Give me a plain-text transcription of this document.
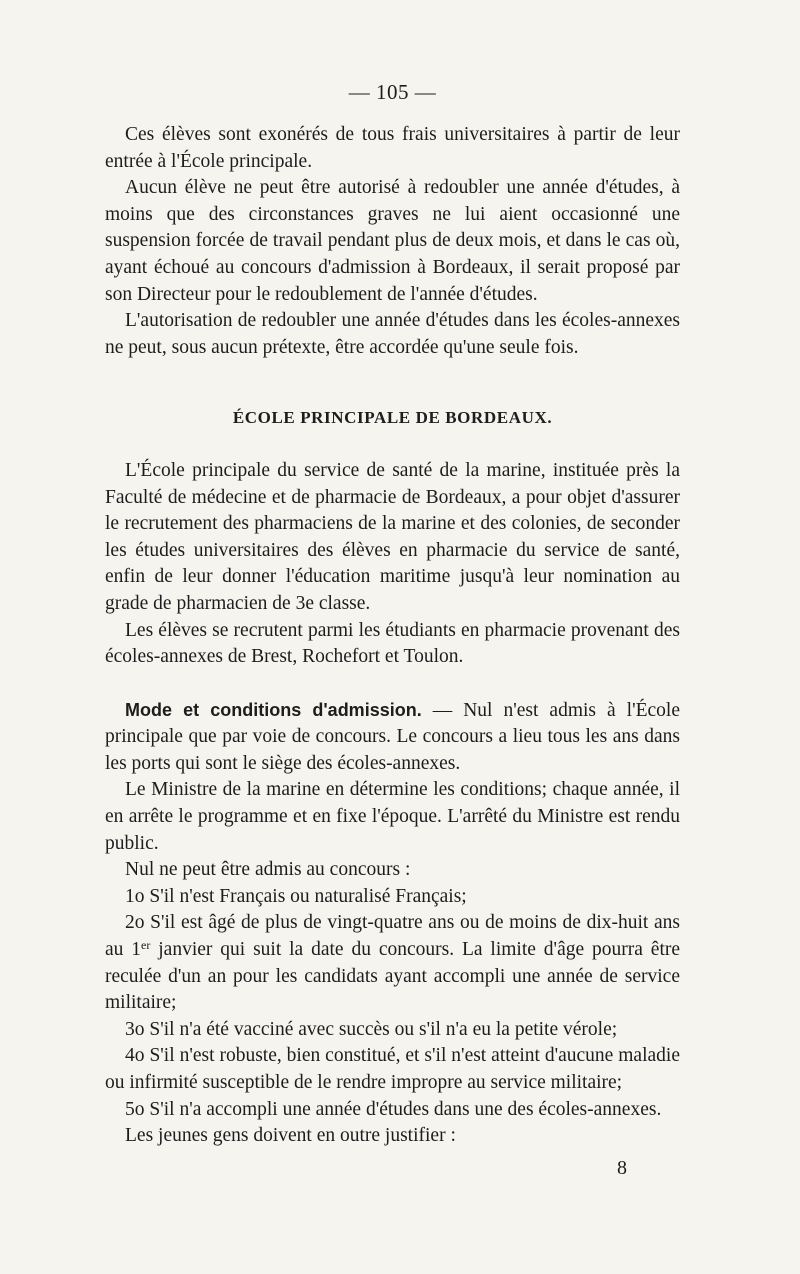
— 105 —

Ces élèves sont exonérés de tous frais universitaires à partir de leur entrée à l'École principale.

Aucun élève ne peut être autorisé à redoubler une année d'études, à moins que des circonstances graves ne lui aient occasionné une suspension forcée de travail pendant plus de deux mois, et dans le cas où, ayant échoué au concours d'admission à Bordeaux, il serait proposé par son Directeur pour le redoublement de l'année d'études.

L'autorisation de redoubler une année d'études dans les écoles-annexes ne peut, sous aucun prétexte, être accordée qu'une seule fois.

ÉCOLE PRINCIPALE DE BORDEAUX.

L'École principale du service de santé de la marine, instituée près la Faculté de médecine et de pharmacie de Bordeaux, a pour objet d'assurer le recrutement des pharmaciens de la marine et des colonies, de seconder les études universitaires des élèves en pharmacie du service de santé, enfin de leur donner l'éducation maritime jusqu'à leur nomination au grade de pharmacien de 3e classe.

Les élèves se recrutent parmi les étudiants en pharmacie provenant des écoles-annexes de Brest, Rochefort et Toulon.

Mode et conditions d'admission. — Nul n'est admis à l'École principale que par voie de concours. Le concours a lieu tous les ans dans les ports qui sont le siège des écoles-annexes.

Le Ministre de la marine en détermine les conditions; chaque année, il en arrête le programme et en fixe l'époque. L'arrêté du Ministre est rendu public.

Nul ne peut être admis au concours :

1o S'il n'est Français ou naturalisé Français;

2o S'il est âgé de plus de vingt-quatre ans ou de moins de dix-huit ans au 1er janvier qui suit la date du concours. La limite d'âge pourra être reculée d'un an pour les candidats ayant accompli une année de service militaire;

3o S'il n'a été vacciné avec succès ou s'il n'a eu la petite vérole;

4o S'il n'est robuste, bien constitué, et s'il n'est atteint d'aucune maladie ou infirmité susceptible de le rendre impropre au service militaire;

5o S'il n'a accompli une année d'études dans une des écoles-annexes.

Les jeunes gens doivent en outre justifier :

8
